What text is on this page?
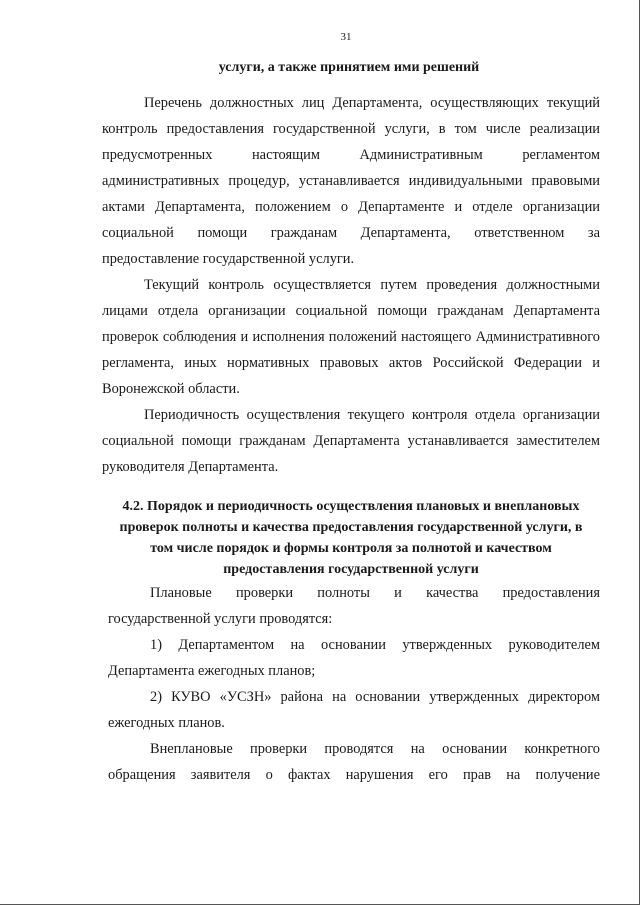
31
услуги, а также принятием ими решений

Перечень должностных лиц Департамента, осуществляющих текущий контроль предоставления государственной услуги, в том числе реализации предусмотренных настоящим Административным регламентом административных процедур, устанавливается индивидуальными правовыми актами Департамента, положением о Департаменте и отделе организации социальной помощи гражданам Департамента, ответственном за предоставление государственной услуги.

Текущий контроль осуществляется путем проведения должностными лицами отдела организации социальной помощи гражданам Департамента проверок соблюдения и исполнения положений настоящего Административного регламента, иных нормативных правовых актов Российской Федерации и Воронежской области.

Периодичность осуществления текущего контроля отдела организации социальной помощи гражданам Департамента устанавливается заместителем руководителя Департамента.

4.2. Порядок и периодичность осуществления плановых и внеплановых проверок полноты и качества предоставления государственной услуги, в том числе порядок и формы контроля за полнотой и качеством предоставления государственной услуги

Плановые проверки полноты и качества предоставления государственной услуги проводятся:

1) Департаментом на основании утвержденных руководителем Департамента ежегодных планов;

2) КУВО «УСЗН» района на основании утвержденных директором ежегодных планов.

Внеплановые проверки проводятся на основании конкретного обращения заявителя о фактах нарушения его прав на получение
